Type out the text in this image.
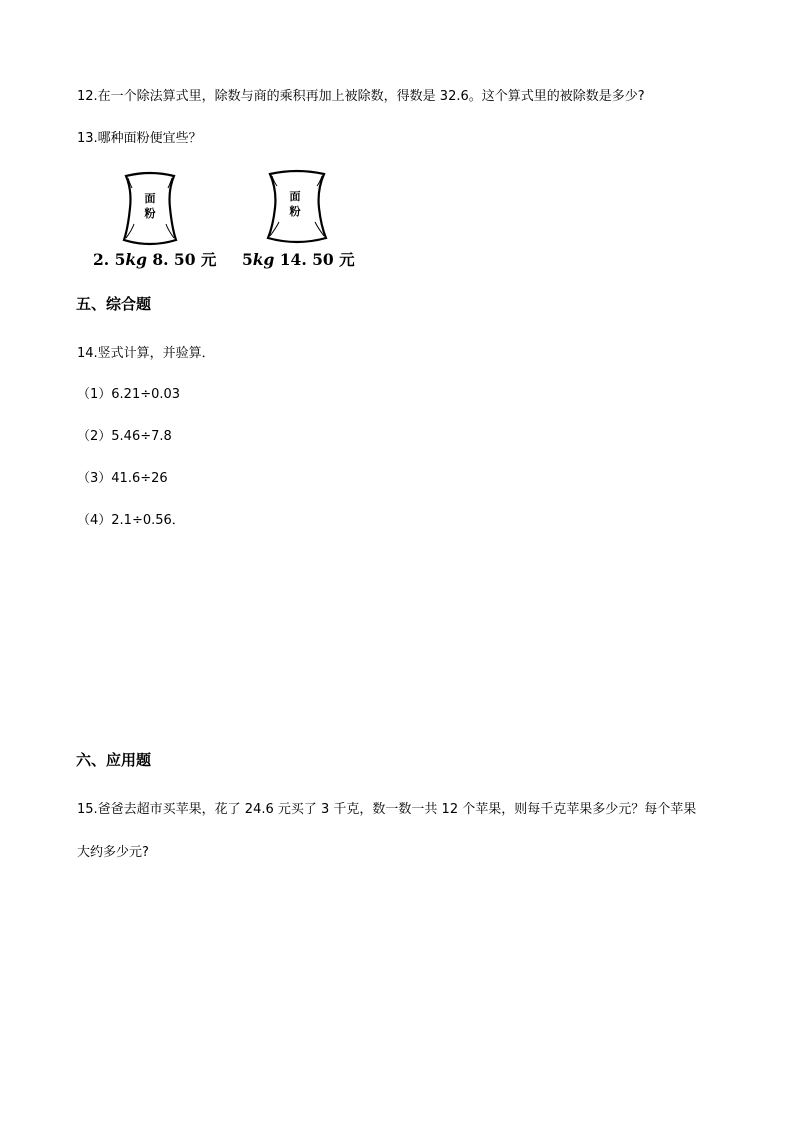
12.在一个除法算式里，除数与商的乘积再加上被除数，得数是 32.6。这个算式里的被除数是多少?
13.哪种面粉便宜些？
面
粉
2. 5kg 8. 50 元
面
粉
5kg 14. 50 元
五、综合题
14.竖式计算，并验算．
（1）6.21÷0.03
（2）5.46÷7.8
（3）41.6÷26
（4）2.1÷0.56．
六、应用题
15.爸爸去超市买苹果，花了 24.6 元买了 3 千克，数一数一共 12 个苹果，则每千克苹果多少元？每个苹果
大约多少元?
